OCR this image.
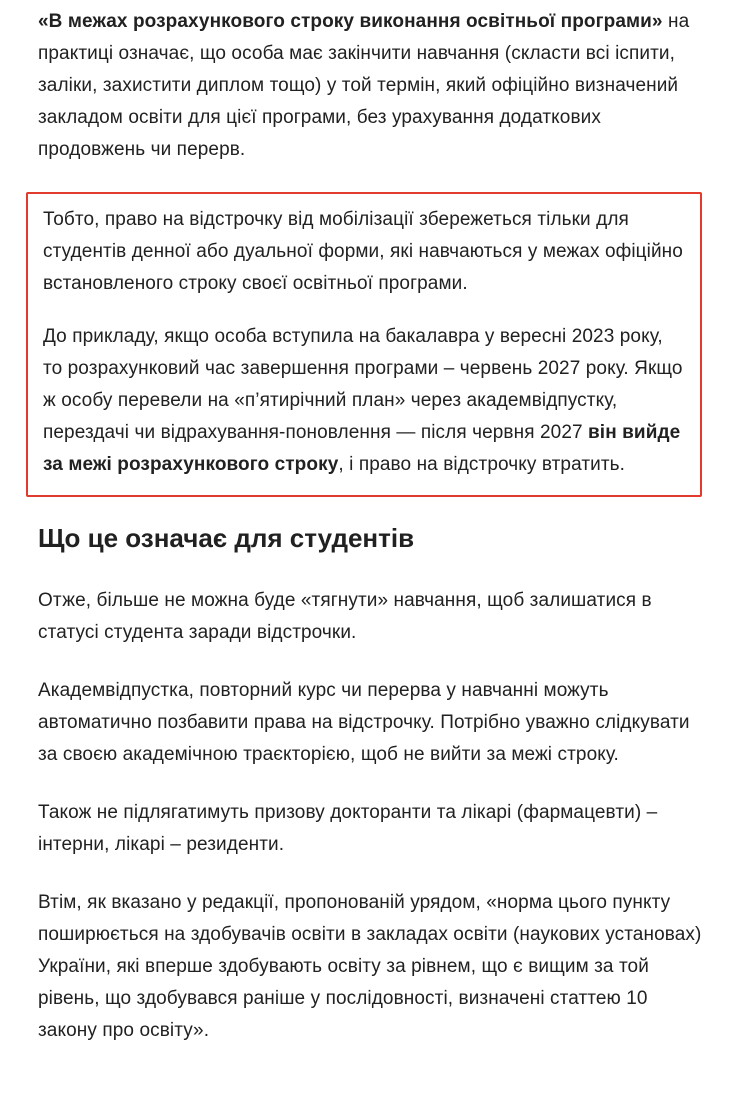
«В межах розрахункового строку виконання освітньої програми» на практиці означає, що особа має закінчити навчання (скласти всі іспити, заліки, захистити диплом тощо) у той термін, який офіційно визначений закладом освіти для цієї програми, без урахування додаткових продовжень чи перерв.

Тобто, право на відстрочку від мобілізації збережеться тільки для студентів денної або дуальної форми, які навчаються у межах офіційно встановленого строку своєї освітньої програми.

До прикладу, якщо особа вступила на бакалавра у вересні 2023 року, то розрахунковий час завершення програми – червень 2027 року. Якщо ж особу перевели на «п’ятирічний план» через академвідпустку, перездачі чи відрахування-поновлення — після червня 2027 він вийде за межі розрахункового строку, і право на відстрочку втратить.

Що це означає для студентів

Отже, більше не можна буде «тягнути» навчання, щоб залишатися в статусі студента заради відстрочки.

Академвідпустка, повторний курс чи перерва у навчанні можуть автоматично позбавити права на відстрочку. Потрібно уважно слідкувати за своєю академічною траєкторією, щоб не вийти за межі строку.

Також не підлягатимуть призову докторанти та лікарі (фармацевти) – інтерни, лікарі – резиденти.

Втім, як вказано у редакції, пропонованій урядом, «норма цього пункту поширюється на здобувачів освіти в закладах освіти (наукових установах) України, які вперше здобувають освіту за рівнем, що є вищим за той рівень, що здобувався раніше у послідовності, визначені статтею 10 закону про освіту».
